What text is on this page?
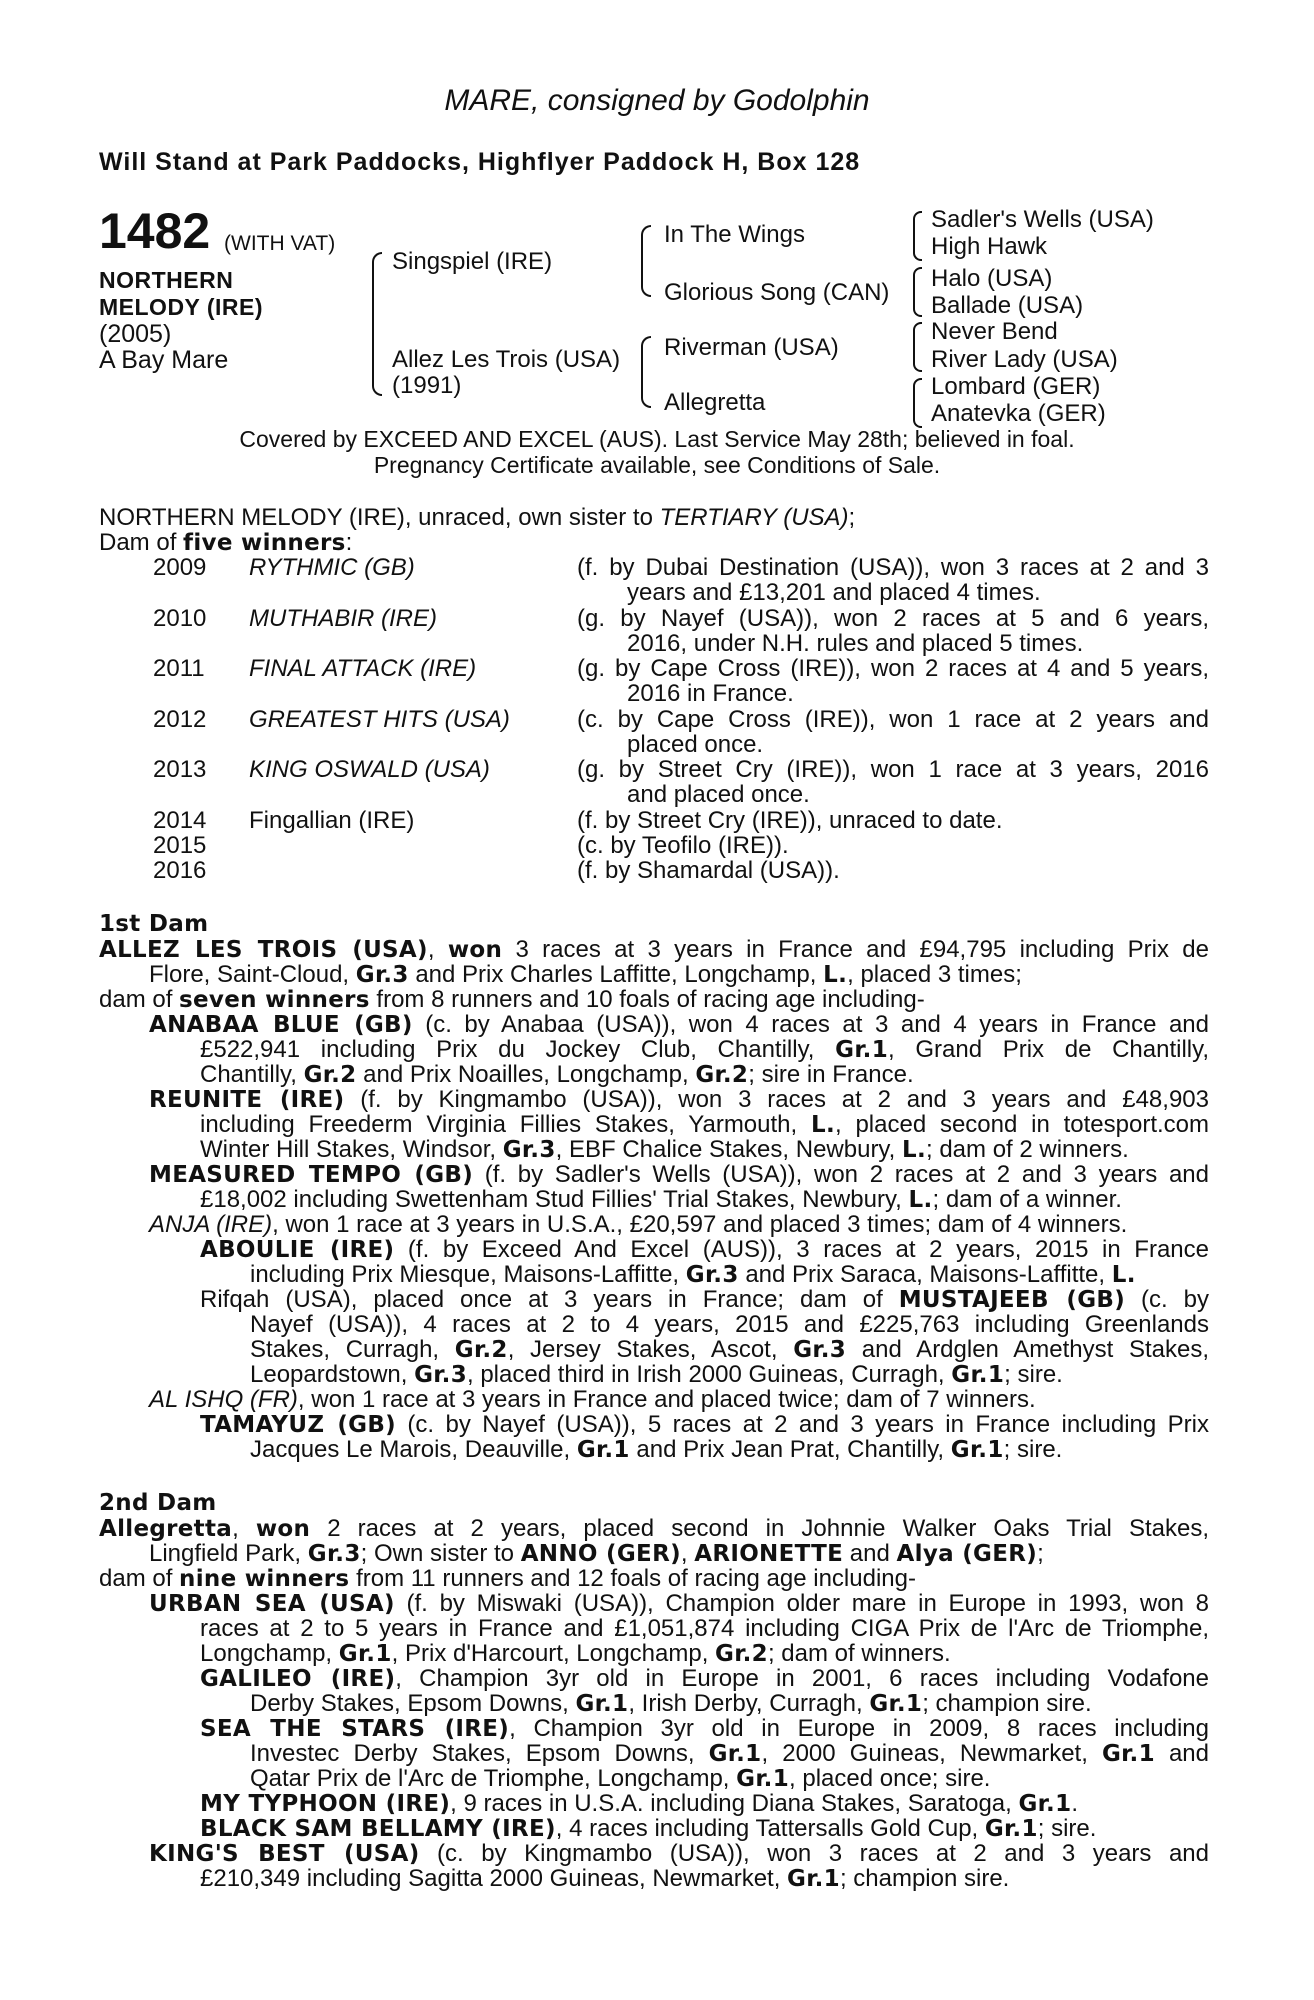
MARE, consigned by Godolphin
Will Stand at Park Paddocks, Highflyer Paddock H, Box 128
1482 (WITH VAT)
NORTHERN
MELODY (IRE)
(2005)
A Bay Mare
Singspiel (IRE)
Allez Les Trois (USA)
(1991)
In The Wings
Glorious Song (CAN)
Riverman (USA)
Allegretta
Sadler's Wells (USA)
High Hawk
Halo (USA)
Ballade (USA)
Never Bend
River Lady (USA)
Lombard (GER)
Anatevka (GER)
Covered by EXCEED AND EXCEL (AUS). Last Service May 28th; believed in foal.
Pregnancy Certificate available, see Conditions of Sale.
NORTHERN MELODY (IRE), unraced, own sister to TERTIARY (USA);
Dam of five winners:
2009 RYTHMIC (GB)	(f. by Dubai Destination (USA)), won 3 races at 2 and 3
years and £13,201 and placed 4 times.
2010 MUTHABIR (IRE)	(g. by Nayef (USA)), won 2 races at 5 and 6 years,
2016, under N.H. rules and placed 5 times.
2011 FINAL ATTACK (IRE)	(g. by Cape Cross (IRE)), won 2 races at 4 and 5 years,
2016 in France.
2012 GREATEST HITS (USA)	(c. by Cape Cross (IRE)), won 1 race at 2 years and
placed once.
2013 KING OSWALD (USA)	(g. by Street Cry (IRE)), won 1 race at 3 years, 2016
and placed once.
2014 Fingallian (IRE)	(f. by Street Cry (IRE)), unraced to date.
2015	(c. by Teofilo (IRE)).
2016	(f. by Shamardal (USA)).
1st Dam
ALLEZ LES TROIS (USA), won 3 races at 3 years in France and £94,795 including Prix de
Flore, Saint-Cloud, Gr.3 and Prix Charles Laffitte, Longchamp, L., placed 3 times;
dam of seven winners from 8 runners and 10 foals of racing age including-
ANABAA BLUE (GB) (c. by Anabaa (USA)), won 4 races at 3 and 4 years in France and
£522,941 including Prix du Jockey Club, Chantilly, Gr.1, Grand Prix de Chantilly,
Chantilly, Gr.2 and Prix Noailles, Longchamp, Gr.2; sire in France.
REUNITE (IRE) (f. by Kingmambo (USA)), won 3 races at 2 and 3 years and £48,903
including Freederm Virginia Fillies Stakes, Yarmouth, L., placed second in totesport.com
Winter Hill Stakes, Windsor, Gr.3, EBF Chalice Stakes, Newbury, L.; dam of 2 winners.
MEASURED TEMPO (GB) (f. by Sadler's Wells (USA)), won 2 races at 2 and 3 years and
£18,002 including Swettenham Stud Fillies' Trial Stakes, Newbury, L.; dam of a winner.
ANJA (IRE), won 1 race at 3 years in U.S.A., £20,597 and placed 3 times; dam of 4 winners.
ABOULIE (IRE) (f. by Exceed And Excel (AUS)), 3 races at 2 years, 2015 in France
including Prix Miesque, Maisons-Laffitte, Gr.3 and Prix Saraca, Maisons-Laffitte, L.
Rifqah (USA), placed once at 3 years in France; dam of MUSTAJEEB (GB) (c. by
Nayef (USA)), 4 races at 2 to 4 years, 2015 and £225,763 including Greenlands
Stakes, Curragh, Gr.2, Jersey Stakes, Ascot, Gr.3 and Ardglen Amethyst Stakes,
Leopardstown, Gr.3, placed third in Irish 2000 Guineas, Curragh, Gr.1; sire.
AL ISHQ (FR), won 1 race at 3 years in France and placed twice; dam of 7 winners.
TAMAYUZ (GB) (c. by Nayef (USA)), 5 races at 2 and 3 years in France including Prix
Jacques Le Marois, Deauville, Gr.1 and Prix Jean Prat, Chantilly, Gr.1; sire.
2nd Dam
Allegretta, won 2 races at 2 years, placed second in Johnnie Walker Oaks Trial Stakes,
Lingfield Park, Gr.3; Own sister to ANNO (GER), ARIONETTE and Alya (GER);
dam of nine winners from 11 runners and 12 foals of racing age including-
URBAN SEA (USA) (f. by Miswaki (USA)), Champion older mare in Europe in 1993, won 8
races at 2 to 5 years in France and £1,051,874 including CIGA Prix de l'Arc de Triomphe,
Longchamp, Gr.1, Prix d'Harcourt, Longchamp, Gr.2; dam of winners.
GALILEO (IRE), Champion 3yr old in Europe in 2001, 6 races including Vodafone
Derby Stakes, Epsom Downs, Gr.1, Irish Derby, Curragh, Gr.1; champion sire.
SEA THE STARS (IRE), Champion 3yr old in Europe in 2009, 8 races including
Investec Derby Stakes, Epsom Downs, Gr.1, 2000 Guineas, Newmarket, Gr.1 and
Qatar Prix de l'Arc de Triomphe, Longchamp, Gr.1, placed once; sire.
MY TYPHOON (IRE), 9 races in U.S.A. including Diana Stakes, Saratoga, Gr.1.
BLACK SAM BELLAMY (IRE), 4 races including Tattersalls Gold Cup, Gr.1; sire.
KING'S BEST (USA) (c. by Kingmambo (USA)), won 3 races at 2 and 3 years and
£210,349 including Sagitta 2000 Guineas, Newmarket, Gr.1; champion sire.
